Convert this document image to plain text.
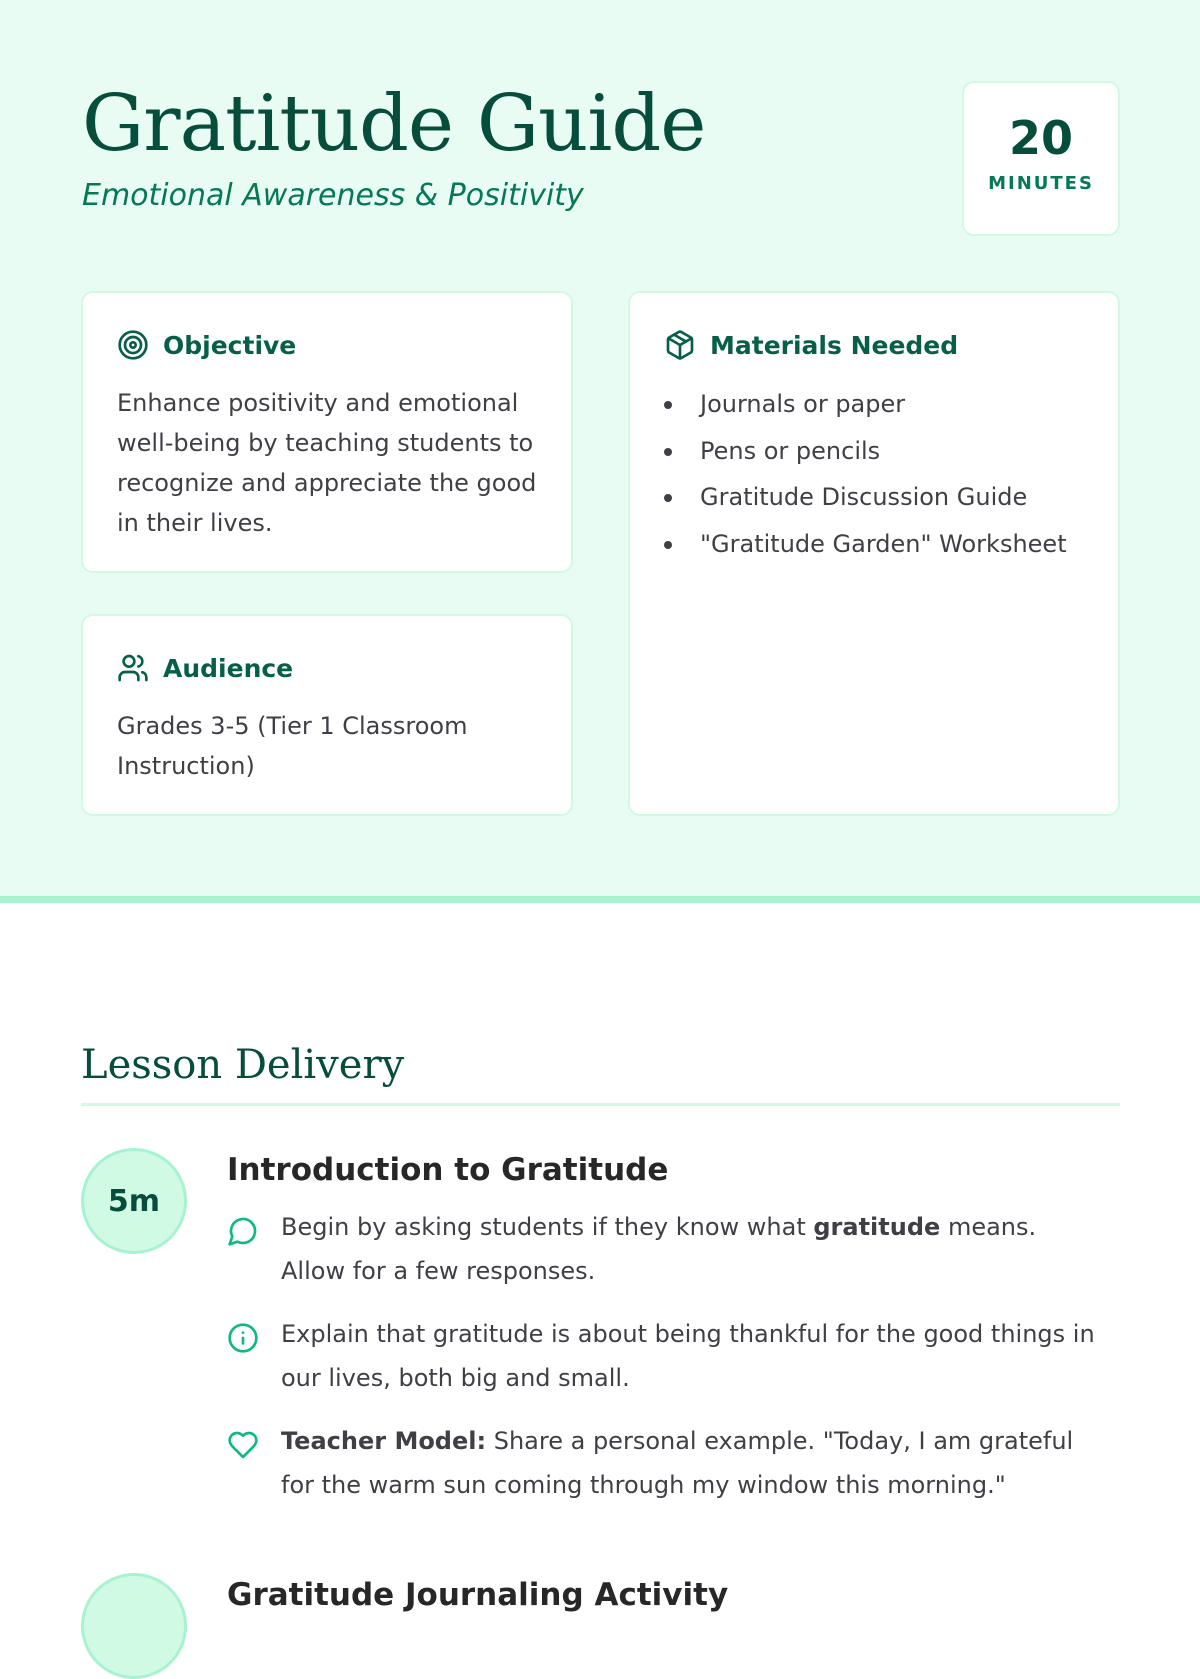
Gratitude Guide
Emotional Awareness & Positivity
20
MINUTES
Objective

Enhance positivity and emotional well-being by teaching students to recognize and appreciate the good in their lives.

Audience

Grades 3-5 (Tier 1 Classroom Instruction)

Materials Needed
Journals or paper
Pens or pencils
Gratitude Discussion Guide
"Gratitude Garden" Worksheet
Lesson Delivery
5m
Introduction to Gratitude

Begin by asking students if they know what gratitude means. Allow for a few responses.

Explain that gratitude is about being thankful for the good things in our lives, both big and small.

Teacher Model: Share a personal example. "Today, I am grateful for the warm sun coming through my window this morning."

Gratitude Journaling Activity
